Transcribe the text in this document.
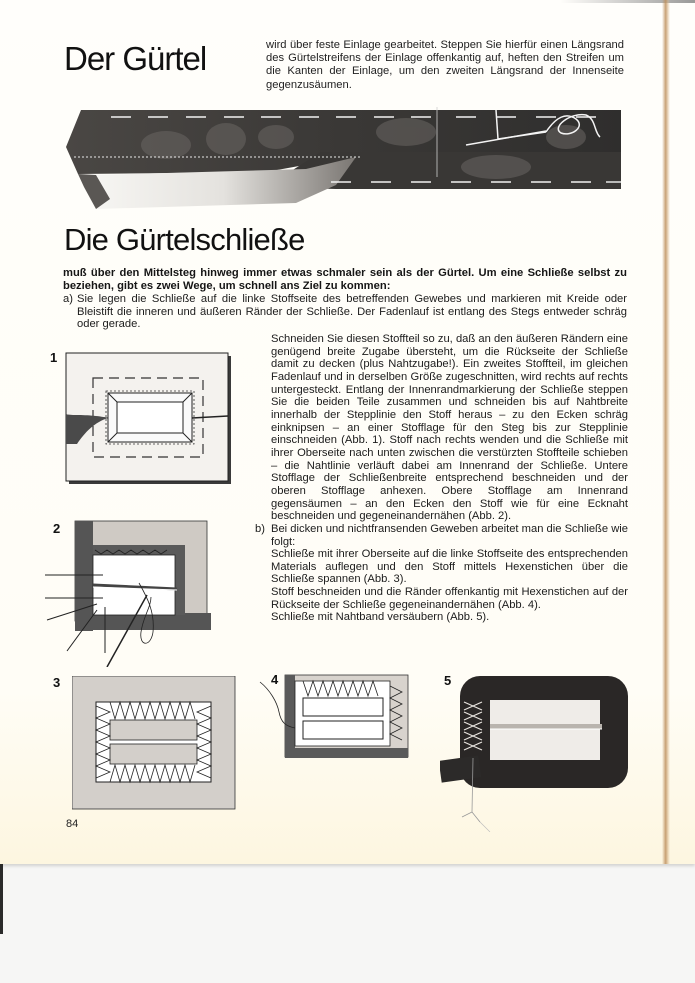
Der Gürtel	wird über feste Einlage gearbeitet. Steppen Sie hierfür einen Längsrand des Gürtelstreifens der Einlage offenkantig auf, heften den Streifen um die Kanten der Einlage, um den zweiten Längsrand der Innenseite gegenzusäumen.

Die Gürtelschließe

muß über den Mittelsteg hinweg immer etwas schmaler sein als der Gürtel. Um eine Schließe selbst zu beziehen, gibt es zwei Wege, um schnell ans Ziel zu kommen:

a) Sie legen die Schließe auf die linke Stoffseite des betreffenden Gewebes und markieren mit Kreide oder Bleistift die inneren und äußeren Ränder der Schließe. Der Fadenlauf ist entlang des Stegs entweder schräg oder gerade.

Schneiden Sie diesen Stoffteil so zu, daß an den äußeren Rändern eine genügend breite Zugabe übersteht, um die Rückseite der Schließe damit zu decken (plus Nahtzugabe!). Ein zweites Stoffteil, im gleichen Fadenlauf und in derselben Größe zugeschnitten, wird rechts auf rechts untergesteckt. Entlang der Innenrandmarkierung der Schließe steppen Sie die beiden Teile zusammen und schneiden bis auf Nahtbreite innerhalb der Stepplinie den Stoff heraus – zu den Ecken schräg einknipsen – an einer Stofflage für den Steg bis zur Stepplinie einschneiden (Abb. 1). Stoff nach rechts wenden und die Schließe mit ihrer Oberseite nach unten zwischen die verstürzten Stoffteile schieben – die Nahtlinie verläuft dabei am Innenrand der Schließe. Untere Stofflage der Schließenbreite entsprechend beschneiden und der oberen Stofflage anhexen. Obere Stofflage am Innenrand gegensäumen – an den Ecken den Stoff wie für eine Ecknaht beschneiden und gegeneinandernähen (Abb. 2).

b) Bei dicken und nichtfransenden Geweben arbeitet man die Schließe wie folgt:

Schließe mit ihrer Oberseite auf die linke Stoffseite des entsprechenden Materials auflegen und den Stoff mittels Hexenstichen über die Schließe spannen (Abb. 3).

Stoff beschneiden und die Ränder offenkantig mit Hexenstichen auf der Rückseite der Schließe gegeneinandernähen (Abb. 4).

Schließe mit Nahtband versäubern (Abb. 5).

1
2
3	4	5
84
